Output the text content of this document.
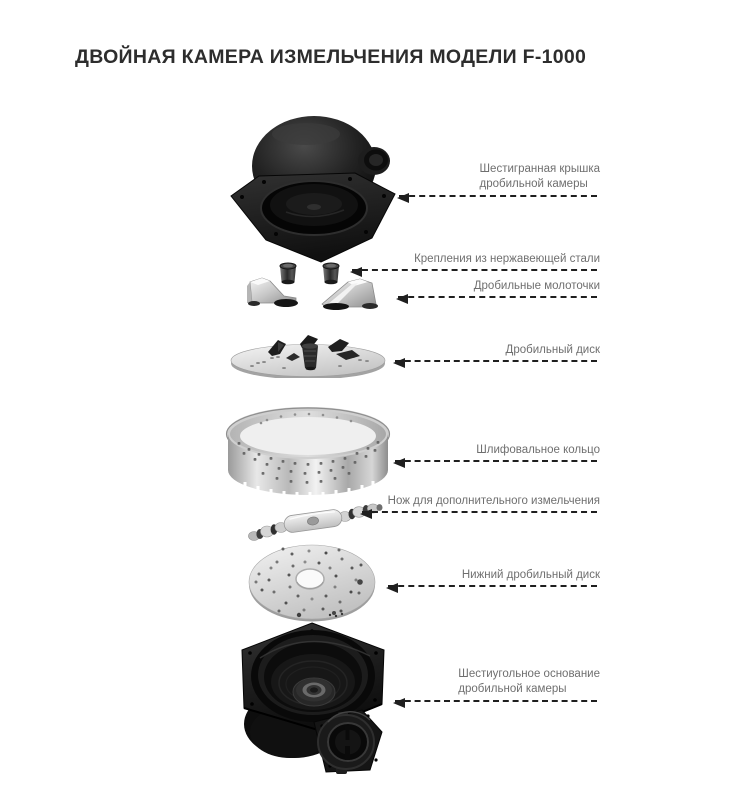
ДВОЙНАЯ КАМЕРА ИЗМЕЛЬЧЕНИЯ МОДЕЛИ F-1000
Шестигранная крышка
дробильной камеры
Крепления из нержавеющей стали
Дробильные молоточки
Дробильный диск
Шлифовальное кольцо
Нож для дополнительного измельчения
Нижний дробильный диск
Шестиугольное основание
дробильной камеры
